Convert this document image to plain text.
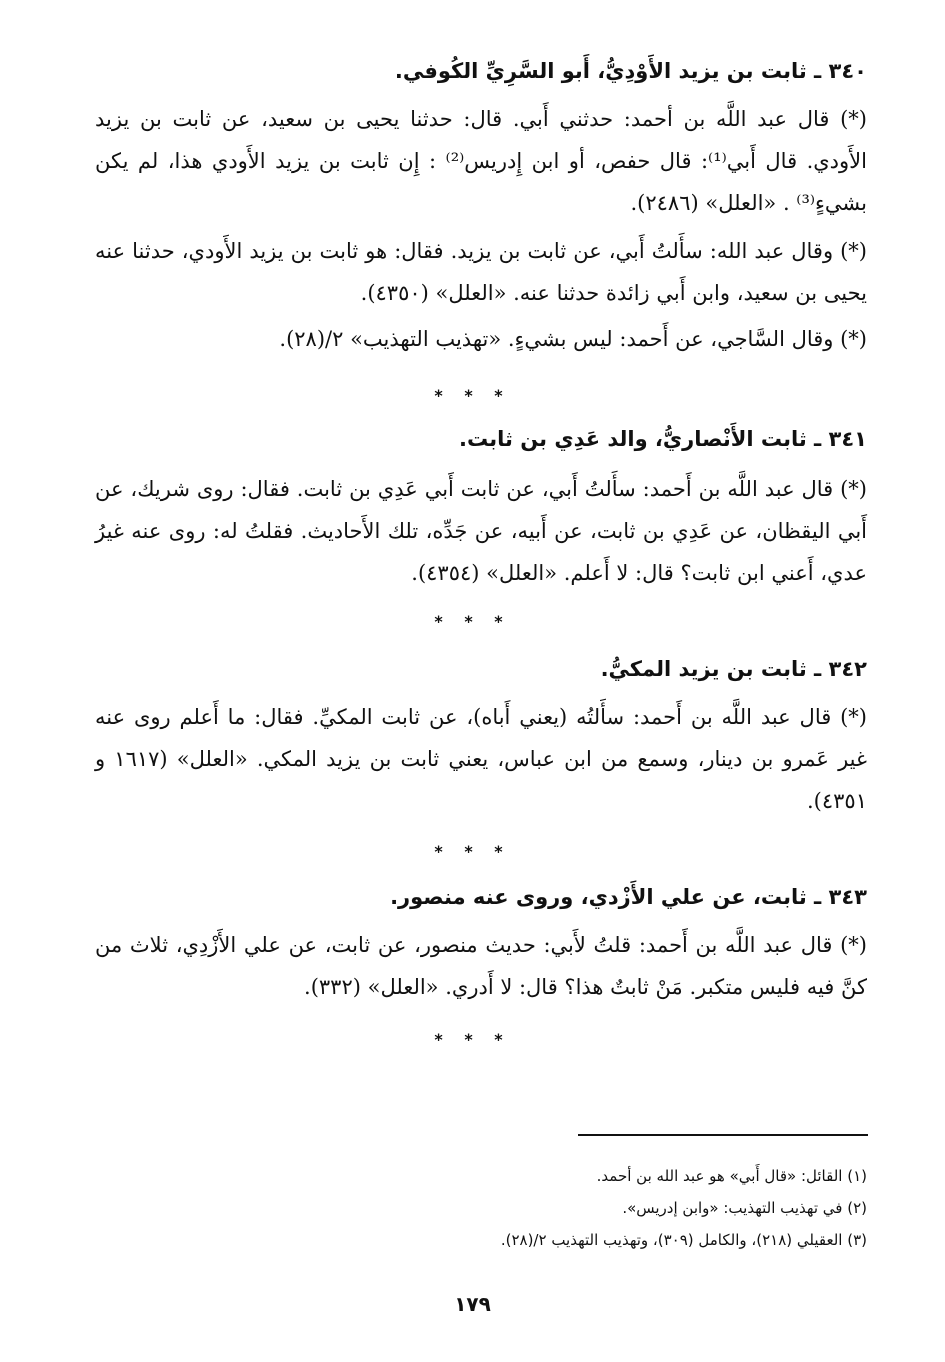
٣٤٠ ـ ثابت بن يزيد الأَوْدِيُّ، أَبو السَّرِيِّ الكُوفي.
(*) قال عبد اللَّه بن أحمد: حدثني أَبي. قال: حدثنا يحيى بن سعيد، عن ثابت بن يزيد الأَودي. قال أَبي⁽¹⁾: قال حفص، أو ابن إِدريس⁽²⁾ : إِن ثابت بن يزيد الأَودي هذا، لم يكن بشيءٍ⁽³⁾ . «العلل» (٢٤٨٦).
(*) وقال عبد الله: سأَلتُ أَبي، عن ثابت بن يزيد. فقال: هو ثابت بن يزيد الأَودي، حدثنا عنه يحيى بن سعيد، وابن أَبي زائدة حدثنا عنه. «العلل» (٤٣٥٠).
(*) وقال السَّاجي، عن أَحمد: ليس بشيءٍ. «تهذيب التهذيب» ٢/(٢٨).
* * *
٣٤١ ـ ثابت الأَنْصاريُّ، والد عَدِي بن ثابت.
(*) قال عبد اللَّه بن أَحمد: سأَلتُ أَبي، عن ثابت أَبي عَدِي بن ثابت. فقال: روى شريك، عن أَبي اليقظان، عن عَدِي بن ثابت، عن أَبيه، عن جَدِّه، تلك الأَحاديث. فقلتُ له: روى عنه غيرُ عدي، أَعني ابن ثابت؟ قال: لا أَعلم. «العلل» (٤٣٥٤).
* * *
٣٤٢ ـ ثابت بن يزيد المكيُّ.
(*) قال عبد اللَّه بن أَحمد: سأَلتُه (يعني أَباه)، عن ثابت المكيِّ. فقال: ما أَعلم روى عنه غير عَمرو بن دينار، وسمع من ابن عباس، يعني ثابت بن يزيد المكي. «العلل» (١٦١٧ و ٤٣٥١).
* * *
٣٤٣ ـ ثابت، عن علي الأَزْدي، وروى عنه منصور.
(*) قال عبد اللَّه بن أَحمد: قلتُ لأَبي: حديث منصور، عن ثابت، عن علي الأَزْدِي، ثلاث من كنَّ فيه فليس متكبر. مَنْ ثابتٌ هذا؟ قال: لا أَدري. «العلل» (٣٣٢).
* * *
(١) القائل: «قال أَبي» هو عبد الله بن أحمد.
(٢) في تهذيب التهذيب: «وابن إدريس».
(٣) العقيلي (٢١٨)، والكامل (٣٠٩)، وتهذيب التهذيب ٢/(٢٨).
١٧٩
